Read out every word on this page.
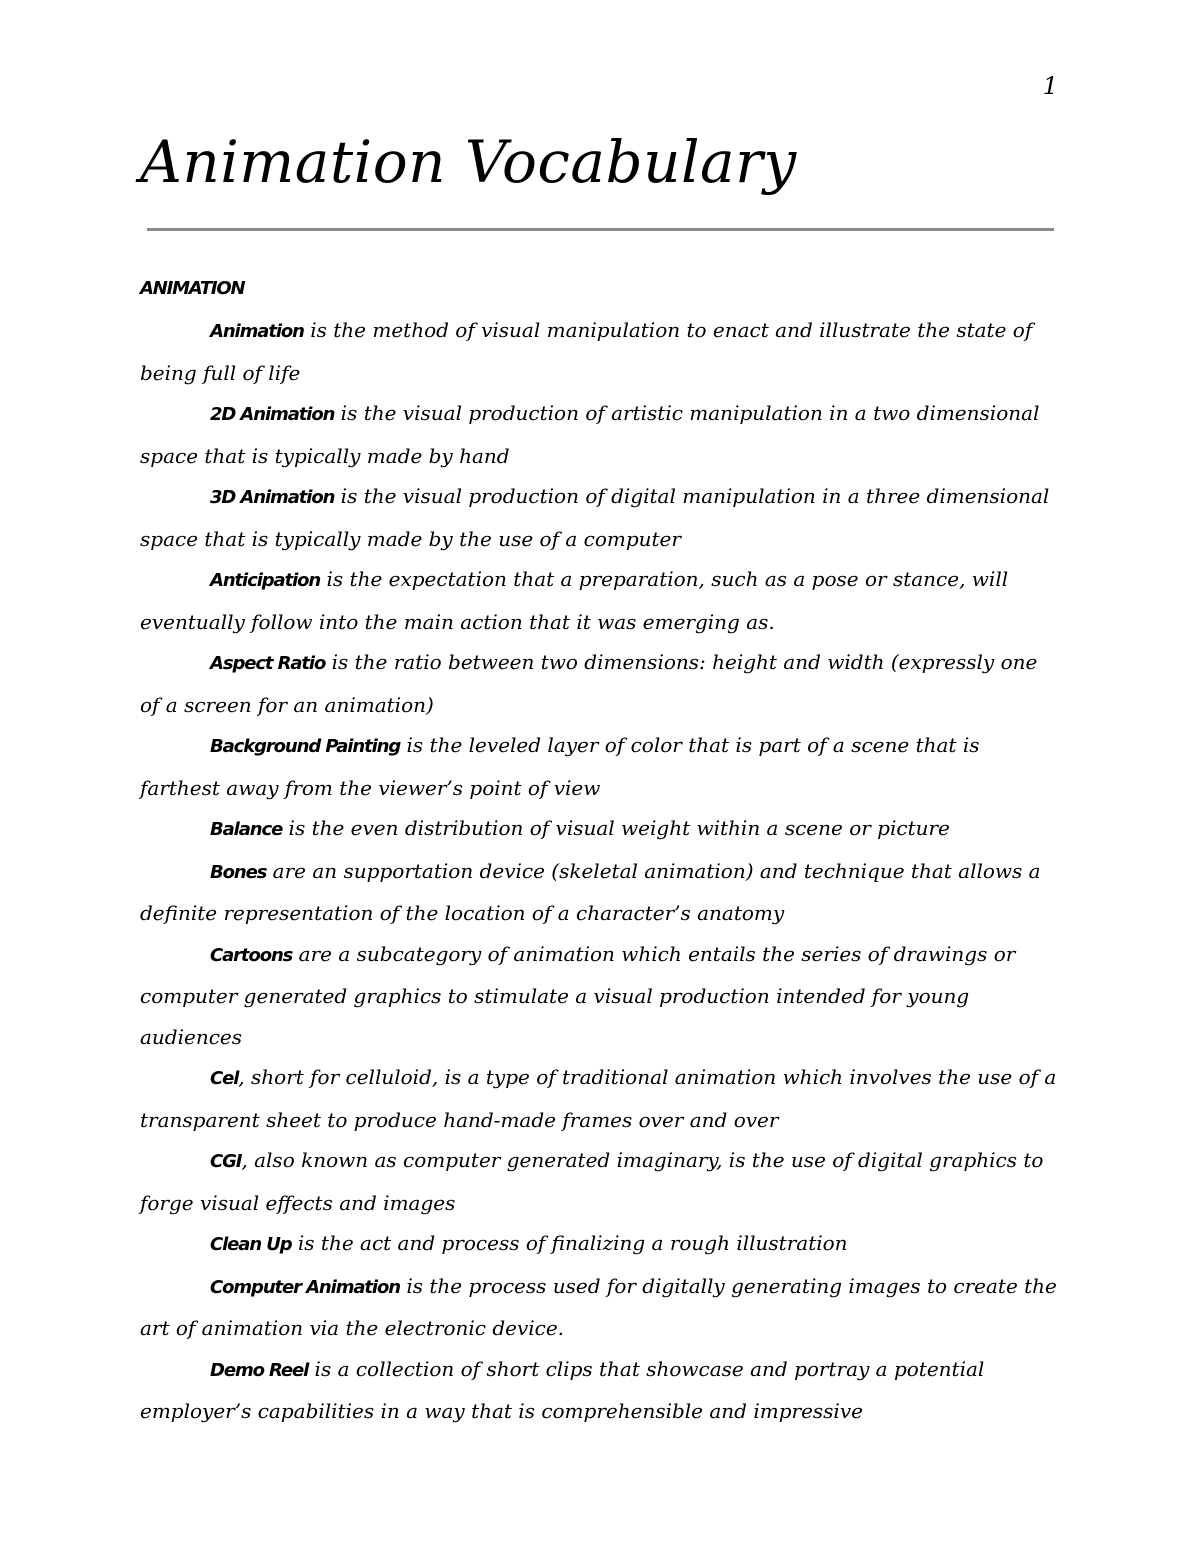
1
Animation Vocabulary
ANIMATION

Animation is the method of visual manipulation to enact and illustrate the state of being full of life

2D Animation is the visual production of artistic manipulation in a two dimensional space that is typically made by hand

3D Animation is the visual production of digital manipulation in a three dimensional space that is typically made by the use of a computer

Anticipation is the expectation that a preparation, such as a pose or stance, will eventually follow into the main action that it was emerging as.

Aspect Ratio is the ratio between two dimensions: height and width (expressly one of a screen for an animation)

Background Painting is the leveled layer of color that is part of a scene that is farthest away from the viewer’s point of view

Balance is the even distribution of visual weight within a scene or picture

Bones are an supportation device (skeletal animation) and technique that allows a definite representation of the location of a character’s anatomy

Cartoons are a subcategory of animation which entails the series of drawings or computer generated graphics to stimulate a visual production intended for young audiences

Cel, short for celluloid, is a type of traditional animation which involves the use of a transparent sheet to produce hand-made frames over and over

CGI, also known as computer generated imaginary, is the use of digital graphics to forge visual effects and images

Clean Up is the act and process of finalizing a rough illustration

Computer Animation is the process used for digitally generating images to create the art of animation via the electronic device.

Demo Reel is a collection of short clips that showcase and portray a potential employer’s capabilities in a way that is comprehensible and impressive
